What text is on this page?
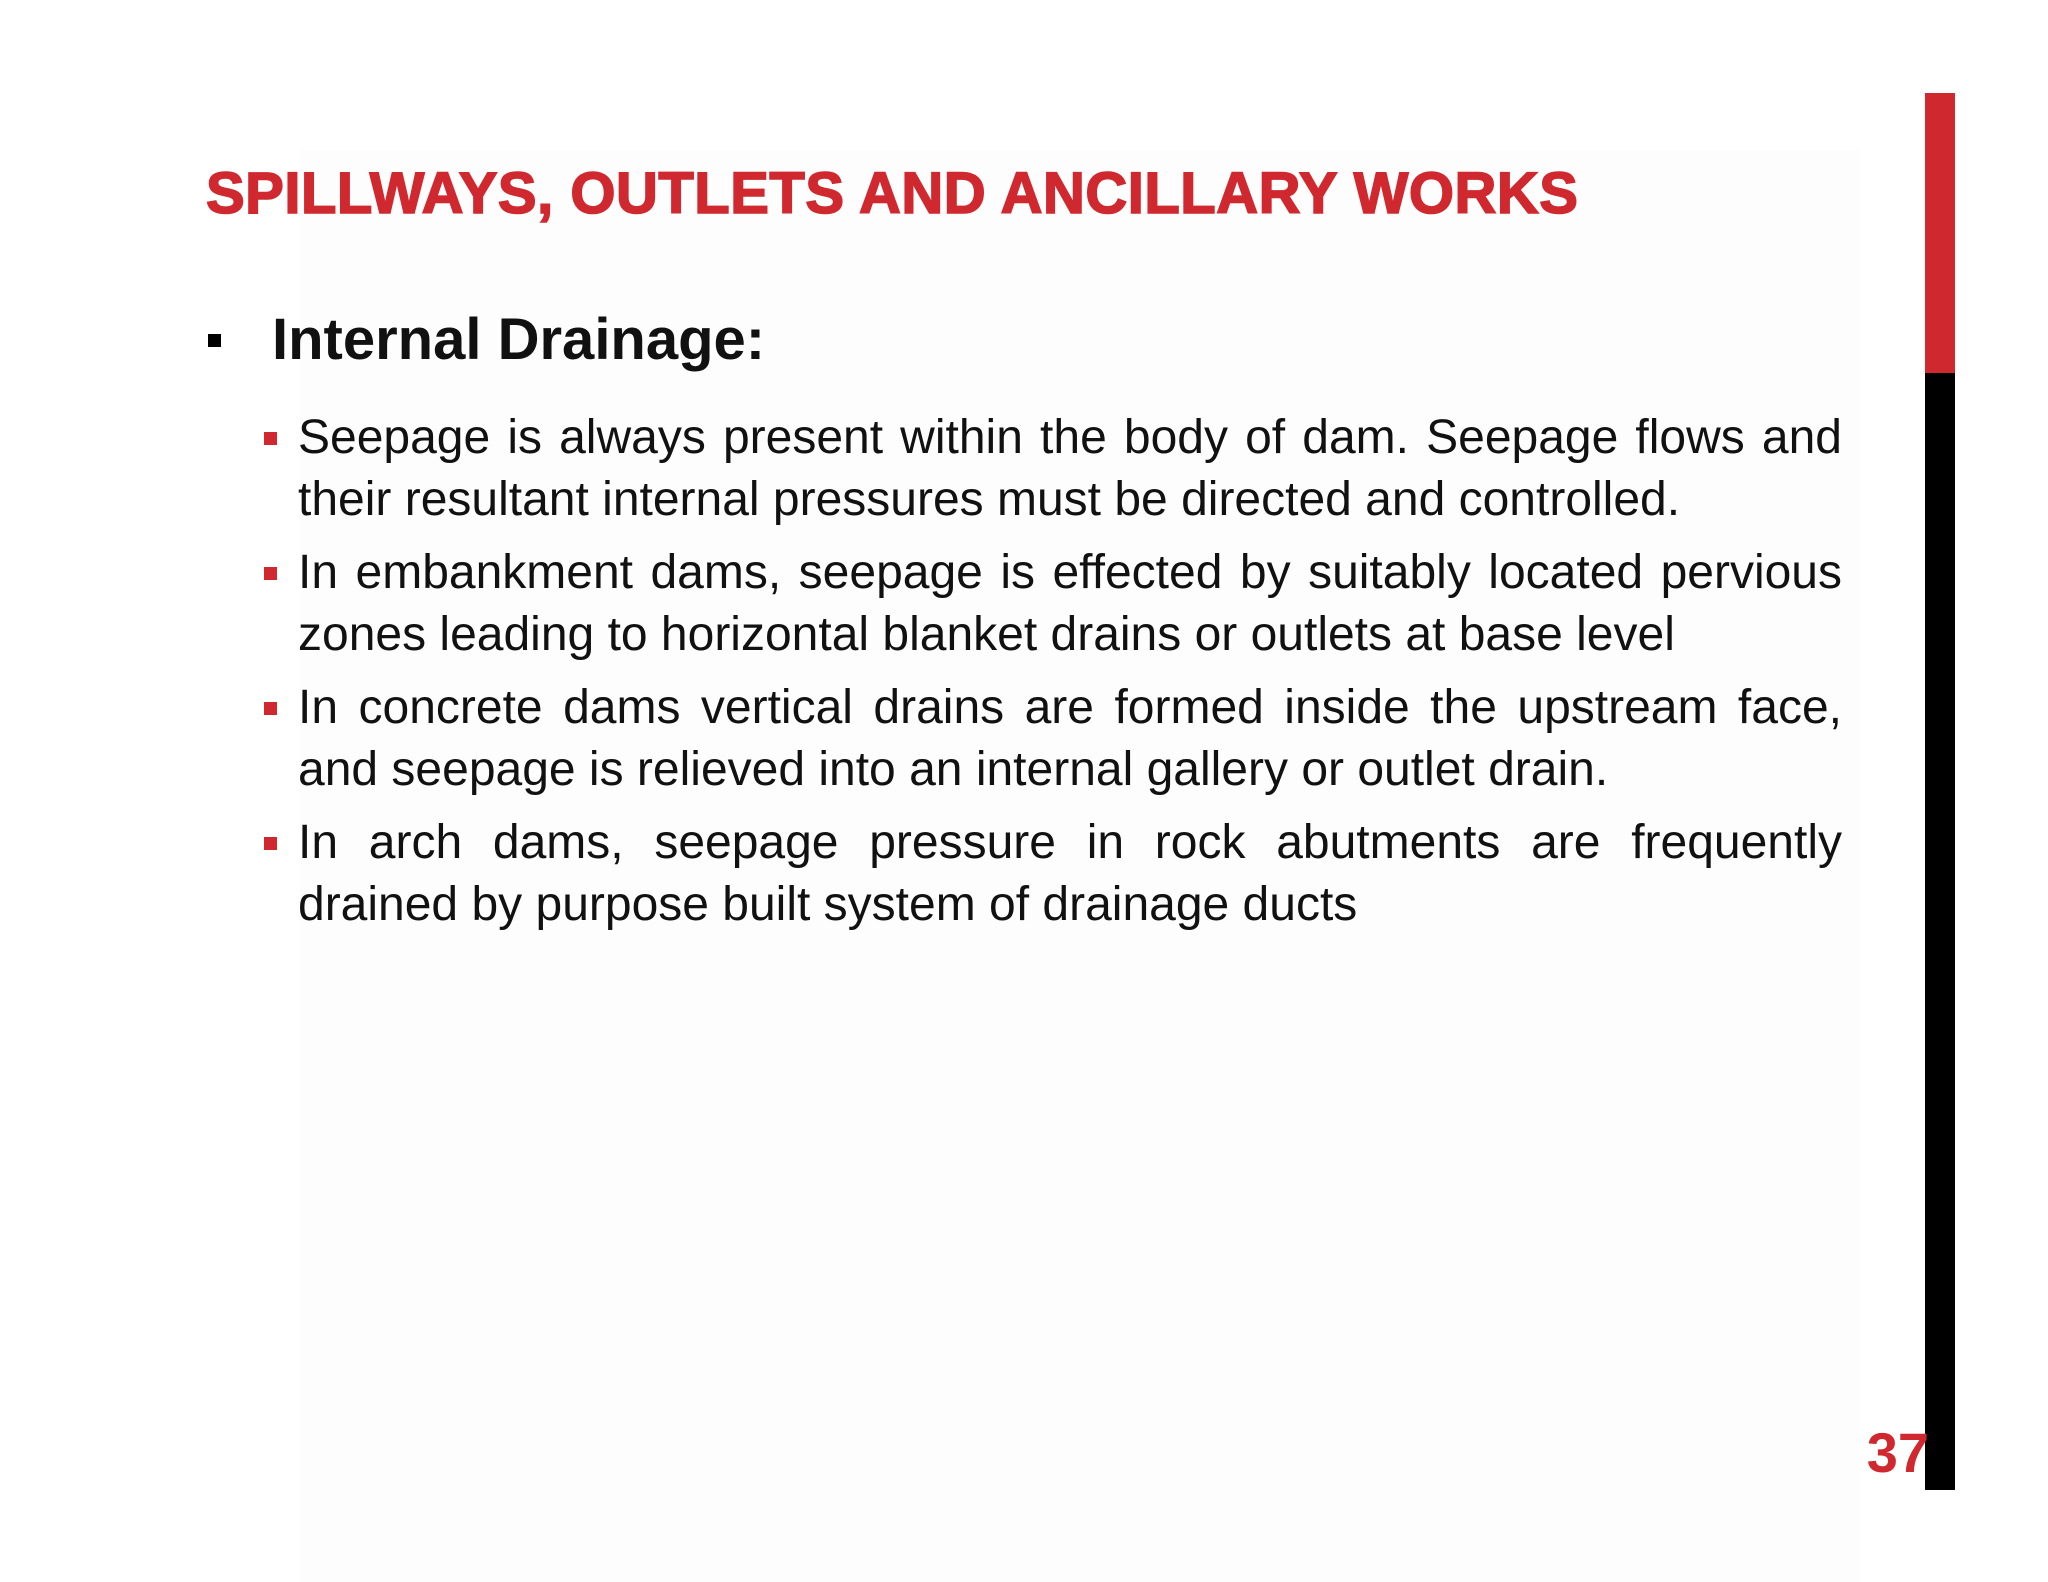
SPILLWAYS, OUTLETS AND ANCILLARY WORKS
Internal Drainage:
Seepage is always present within the body of dam. Seepage flows and their resultant internal pressures must be directed and controlled.
In embankment dams, seepage is effected by suitably located pervious zones leading to horizontal blanket drains or outlets at base level
In concrete dams vertical drains are formed inside the upstream face, and seepage is relieved into an internal gallery or outlet drain.
In arch dams, seepage pressure in rock abutments are frequently drained by purpose built system of drainage ducts
37
